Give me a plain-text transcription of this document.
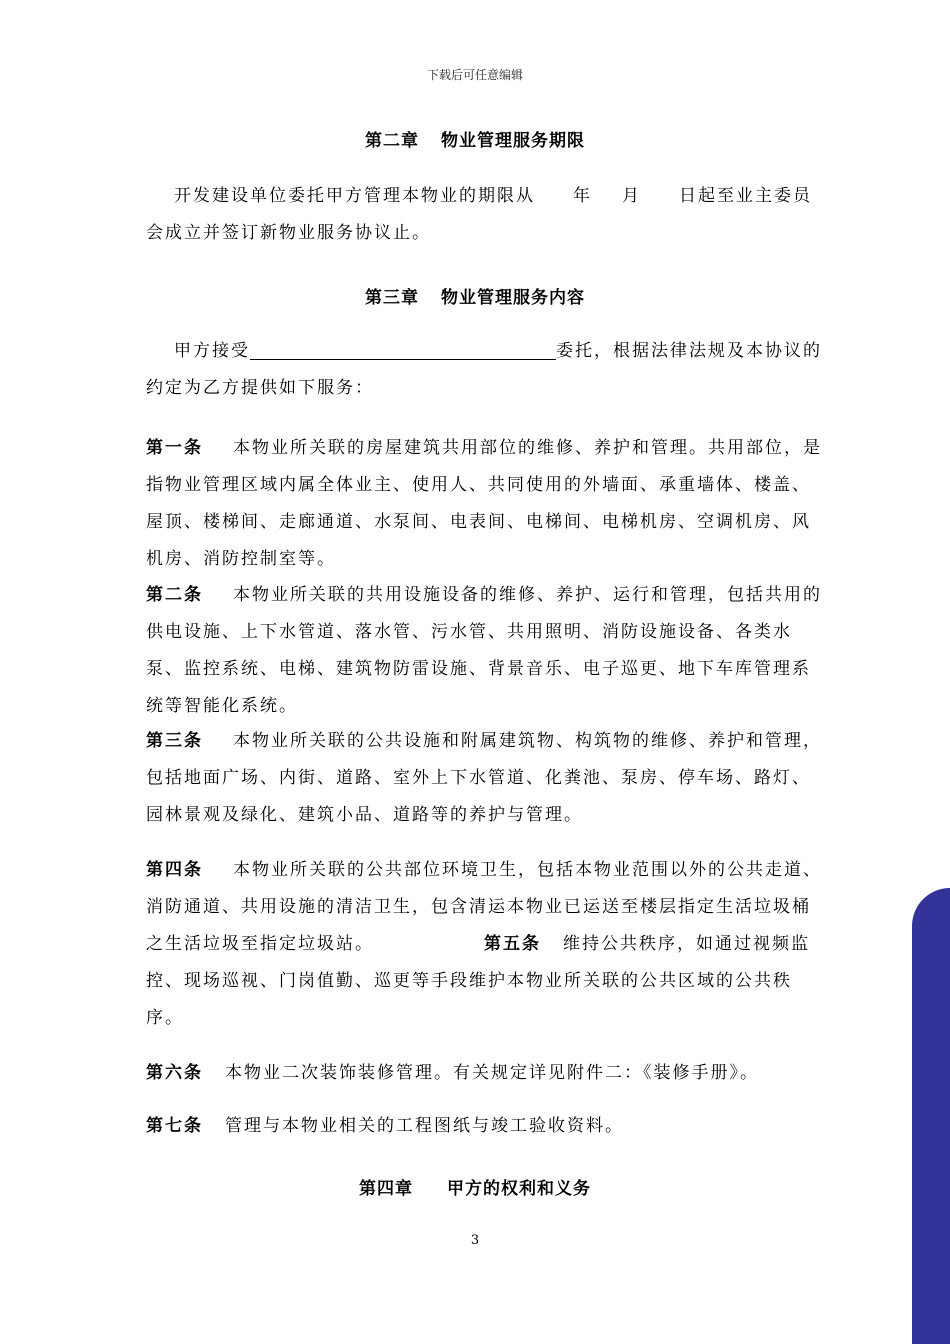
下载后可任意编辑
第二章 物业管理服务期限
开发建设单位委托甲方管理本物业的期限从 年 月 日起至业主委员会成立并签订新物业服务协议止。
第三章 物业管理服务内容
甲方接受	委托，根据法律法规及本协议的约定为乙方提供如下服务：
第一条 本物业所关联的房屋建筑共用部位的维修、养护和管理。共用部位，是指物业管理区域内属全体业主、使用人、共同使用的外墙面、承重墙体、楼盖、屋顶、楼梯间、走廊通道、水泵间、电表间、电梯间、电梯机房、空调机房、风机房、消防控制室等。
第二条 本物业所关联的共用设施设备的维修、养护、运行和管理，包括共用的供电设施、上下水管道、落水管、污水管、共用照明、消防设施设备、各类水泵、监控系统、电梯、建筑物防雷设施、背景音乐、电子巡更、地下车库管理系统等智能化系统。
第三条 本物业所关联的公共设施和附属建筑物、构筑物的维修、养护和管理，包括地面广场、内街、道路、室外上下水管道、化粪池、泵房、停车场、路灯、园林景观及绿化、建筑小品、道路等的养护与管理。
第四条 本物业所关联的公共部位环境卫生，包括本物业范围以外的公共走道、消防通道、共用设施的清洁卫生，包含清运本物业已运送至楼层指定生活垃圾桶之生活垃圾至指定垃圾站。	第五条 维持公共秩序，如通过视频监控、现场巡视、门岗值勤、巡更等手段维护本物业所关联的公共区域的公共秩序。
第六条 本物业二次装饰装修管理。有关规定详见附件二：《装修手册》。
第七条 管理与本物业相关的工程图纸与竣工验收资料。
第四章 甲方的权利和义务
3
